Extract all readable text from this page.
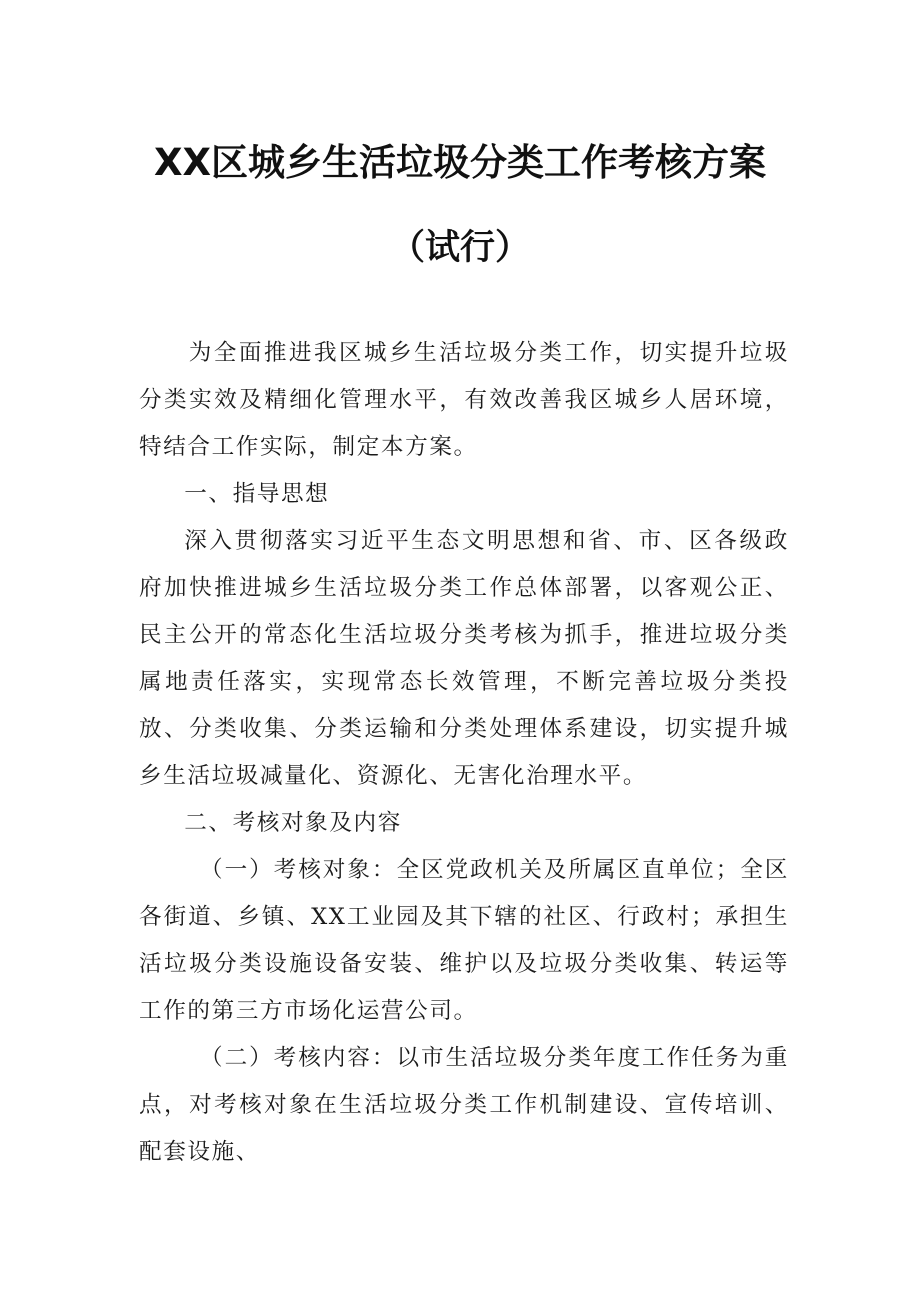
XX区城乡生活垃圾分类工作考核方案
（试行）

为全面推进我区城乡生活垃圾分类工作，切实提升垃圾分类实效及精细化管理水平，有效改善我区城乡人居环境，特结合工作实际，制定本方案。

一、指导思想

深入贯彻落实习近平生态文明思想和省、市、区各级政府加快推进城乡生活垃圾分类工作总体部署，以客观公正、民主公开的常态化生活垃圾分类考核为抓手，推进垃圾分类属地责任落实，实现常态长效管理，不断完善垃圾分类投放、分类收集、分类运输和分类处理体系建设，切实提升城乡生活垃圾减量化、资源化、无害化治理水平。

二、考核对象及内容

（一）考核对象：全区党政机关及所属区直单位；全区各街道、乡镇、XX工业园及其下辖的社区、行政村；承担生活垃圾分类设施设备安装、维护以及垃圾分类收集、转运等工作的第三方市场化运营公司。

（二）考核内容：以市生活垃圾分类年度工作任务为重点，对考核对象在生活垃圾分类工作机制建设、宣传培训、配套设施、
